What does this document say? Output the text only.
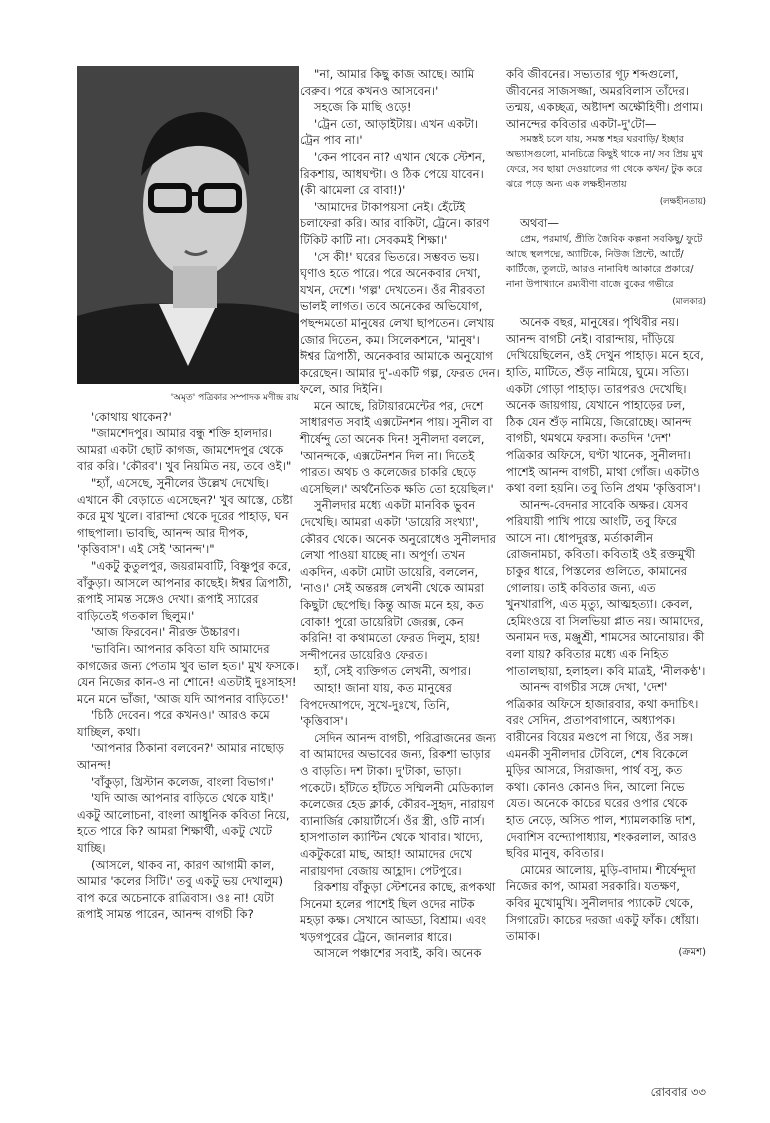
'অমৃত' পত্রিকার সম্পাদক মণীন্দ্র রায়

'কোথায় থাকেন?'

"জামশেদপুর। আমার বন্ধু শক্তি হালদার। আমরা একটা ছোট কাগজ, জামশেদপুর থেকে বার করি। 'কৌরব'। খুব নিয়মিত নয়, তবে ওই।"

"হ্যাঁ, এসেছে, সুনীলের উল্লেখ দেখেছি। এখানে কী বেড়াতে এসেছেন?' খুব আস্তে, চেষ্টা করে মুখ খুলে। বারান্দা থেকে দূরের পাহাড়, ঘন গাছপালা। ভাবছি, আনন্দ আর দীপক, 'কৃত্তিবাস'। এই সেই 'আনন্দ'।"

"একটু কুতুলপুর, জয়রামবাটি, বিষ্ণুপুর করে, বাঁকুড়া। আসলে আপনার কাছেই। ঈশ্বর ত্রিপাঠী, রূপাই সামন্ত সঙ্গেও দেখা। রূপাই স্যারের বাড়িতেই গতকাল ছিলুম।'

'আজ ফিরবেন।' নীরক্ত উচ্চারণ।

'ভাবিনি। আপনার কবিতা যদি আমাদের কাগজের জন্য পেতাম খুব ভাল হত।' মুখ ফসকে। যেন নিজের কান-ও না শোনে! এতটাই দুঃসাহস! মনে মনে ভাঁজা, 'আজ যদি আপনার বাড়িতে!'

'চিঠি দেবেন। পরে কখনও।' আরও কমে যাচ্ছিল, কথা।

'আপনার ঠিকানা বলবেন?' আমার নাছোড় আনন্দ!

'বাঁকুড়া, খ্রিস্টান কলেজ, বাংলা বিভাগ।'

'যদি আজ আপনার বাড়িতে থেকে যাই।' একটু আলোচনা, বাংলা আধুনিক কবিতা নিয়ে, হতে পারে কি? আমরা শিক্ষার্থী, একটু খেটে যাচ্ছি।

(আসলে, থাকব না, কারণ আগামী কাল, আমার 'কলের সিটি।' তবু একটু ভয় দেখালুম) বাপ করে অচেনাকে রাত্রিবাস। ওঃ না! যেটা রূপাই সামন্ত পারেন, আনন্দ বাগচী কি?

"না, আমার কিছু কাজ আছে। আমি বেরুব। পরে কখনও আসবেন।'

সহজে কি মাছি ওড়ে!

'ট্রেন তো, আড়াইটায়। এখন একটা। ট্রেন পাব না।'

'কেন পাবেন না? এখান থেকে স্টেশন, রিকশায়, আধঘণ্টা। ও ঠিক পেয়ে যাবেন। (কী ঝামেলা রে বাবা!)'

'আমাদের টাকাপয়সা নেই। হেঁটেই চলাফেরা করি। আর বাকিটা, ট্রেনে। কারণ টিকিট কাটি না। সেবকমই শিক্ষা।'

'সে কী!' ঘরের ভিতরে। সম্ভবত ভয়। ঘৃণাও হতে পারে। পরে অনেকবার দেখা, যখন, দেশে। 'গল্প' দেখতেন। ওঁর নীরবতা ভালই লাগত। তবে অনেকের অভিযোগ, পছন্দমতো মানুষের লেখা ছাপতেন। লেখায় জোর দিতেন, কম। সিলেকশনে, 'মানুষ'। ঈশ্বর ত্রিপাঠী, অনেকবার আমাকে অনুযোগ করেছেন। আমার দু'-একটি গল্প, ফেরত দেন। ফলে, আর দিইনি।

মনে আছে, রিটায়ারমেন্টের পর, দেশে সাধারণত সবাই এক্সটেনশন পায়। সুনীল বা শীর্ষেন্দু তো অনেক দিন! সুনীলদা বললে, 'আনন্দকে, এক্সটেনশন দিল না। দিতেই পারত। অথচ ও কলেজের চাকরি ছেড়ে এসেছিল।' অর্থনৈতিক ক্ষতি তো হয়েছিল।'

সুনীলদার মধ্যে একটা মানবিক ভুবন দেখেছি। আমরা একটা 'ডায়েরি সংখ্যা', কৌরব থেকে। অনেক অনুরোধেও সুনীলদার লেখা পাওয়া যাচ্ছে না। অপূর্ণ। তখন একদিন, একটা মোটা ডায়েরি, বললেন, 'নাও।' সেই অন্তরঙ্গ লেখনী থেকে আমরা কিছুটা ছেপেছি। কিন্তু আজ মনে হয়, কত বোকা! পুরো ডায়েরিটা জেরক্স, কেন করিনি! বা কথামতো ফেরত দিলুম, হায়! সন্দীপনের ডায়েরিও ফেরত।

হ্যাঁ, সেই ব্যক্তিগত লেখনী, অপার।

আহা! জানা যায়, কত মানুষের বিপদেআপদে, সুখে-দুঃখে, তিনি, 'কৃত্তিবাস'।

সেদিন আনন্দ বাগচী, পরিব্রাজনের জন্য বা আমাদের অভাবের জন্য, রিকশা ভাড়ার ও বাড়তি। দশ টাকা। দু'টাকা, ভাড়া। পকেটে। হাঁটতে হাঁটতে সম্মিলনী মেডিক্যাল কলেজের হেড ক্লার্ক, কৌরব-সুহৃদ, নারায়ণ ব্যানার্জির কোয়ার্টার্সে। ওঁর স্ত্রী, ওটি নার্স। হাসপাতাল ক্যান্টিন থেকে খাবার। খাদ্যে, একটুকরো মাছ, আহা! আমাদের দেখে নারায়ণদা বেজায় আহ্লাদ। পেটপুরে।

রিকশায় বাঁকুড়া স্টেশনের কাছে, রূপকথা সিনেমা হলের পাশেই ছিল ওদের নাটক মহড়া কক্ষ। সেখানে আড্ডা, বিশ্রাম। এবং খড়গপুরের ট্রেনে, জানলার ধারে।

আসলে পঞ্চাশের সবাই, কবি। অনেক

কবি জীবনের। সভ্যতার গূঢ় শব্দগুলো, জীবনের সাজসজ্জা, অমরবিলাস তাঁদের। তন্ময়, একচ্ছত্র, অষ্টাদশ অক্ষৌহিণী। প্রণাম। আনন্দের কবিতার একটা-দু'টো—

সমস্তই চলে যায়, সমস্ত শহর ঘরবাড়ি/ ইচ্ছার অভ্যাসগুলো, মানচিত্রে কিছুই থাকে না/ সব প্রিয় মুখ ফেরে, সব ছায়া দেওয়ালের গা থেকে কখন/ টুক করে ঝরে পড়ে অন্য এক লক্ষহীনতায়

(লক্ষহীনতায়)

অথবা—

প্রেম, পরমার্থ, প্রীতি জৈবিক কল্পনা সবকিছু/ ফুটে আছে স্থলপদ্মে, অ্যাটিকে, নিউজ প্রিন্টে, আর্টে/ কার্টিজে, তুলটে, আরও নানাবিধ আকারে প্রকারে/ নানা উপাখ্যানে রম্যবীণা বাজে বুকের গভীরে

(মালকার)

অনেক বছর, মানুষের। পৃথিবীর নয়। আনন্দ বাগচী নেই। বারান্দায়, দাঁড়িয়ে দেখিয়েছিলেন, ওই দেখুন পাহাড়। মনে হবে, হাতি, মাটিতে, শুঁড় নামিয়ে, ঘুমে। সত্যি। একটা গোড়া পাহাড়। তারপরও দেখেছি। অনেক জায়গায়, যেখানে পাহাড়ের ঢল, ঠিক যেন শুঁড় নামিয়ে, জিরোচ্ছে। আনন্দ বাগচী, থমথমে ফরসা। কতদিন 'দেশ' পত্রিকার অফিসে, ঘণ্টা খানেক, সুনীলদা। পাশেই আনন্দ বাগচী, মাথা গোঁজ। একটাও কথা বলা হয়নি। তবু তিনি প্রথম 'কৃত্তিবাস'।

আনন্দ-বেদনার সাবেকি অক্ষর। যেসব পরিযায়ী পাখি পায়ে আংটি, তবু ফিরে আসে না। ধোপদুরস্ত, মর্তাকালীন রোজনামচা, কবিতা। কবিতাই ওই রক্তমুখী চাকুর ধারে, পিস্তলের গুলিতে, কামানের গোলায়। তাই কবিতার জন্য, এত খুনখারাপি, এত মৃত্যু, আত্মহত্যা। কেবল, হেমিংওয়ে বা সিলভিয়া প্লাত নয়। আমাদের, অনামন দত্ত, মঞ্জুশ্রী, শামসের আনোয়ার। কী বলা যায়? কবিতার মধ্যে এক নিহিত পাতালছায়া, হলাহল। কবি মাত্রই, 'নীলকণ্ঠ'।

আনন্দ বাগচীর সঙ্গে দেখা, 'দেশ' পত্রিকার অফিসে হাজারবার, কথা কদাচিৎ। বরং সেদিন, প্রতাপবাগানে, অধ্যাপক। বারীনের বিয়ের মণ্ডপে না গিয়ে, ওঁর সঙ্গ। এমনকী সুনীলদার টেবিলে, শেষ বিকেলে মুড়ির আসরে, সিরাজদা, পার্থ বসু, কত কথা। কোনও কোনও দিন, আলো নিভে যেত। অনেকে কাচের ঘরের ওপার থেকে হাত নেড়ে, অসিত পাল, শ্যামলকান্তি দাশ, দেবাশিস বন্দ্যোপাধ্যায়, শংকরলাল, আরও ছবির মানুষ, কবিতার।

মোমের আলোয়, মুড়ি-বাদাম। শীর্ষেন্দুদা নিজের কাপ, আমরা সরকারি। যতক্ষণ, কবির মুখোমুখি। সুনীলদার প্যাকেট থেকে, সিগারেট। কাচের দরজা একটু ফাঁক। ধোঁয়া। তামাক।

(ক্রমশ)
রোববার ৩৩
